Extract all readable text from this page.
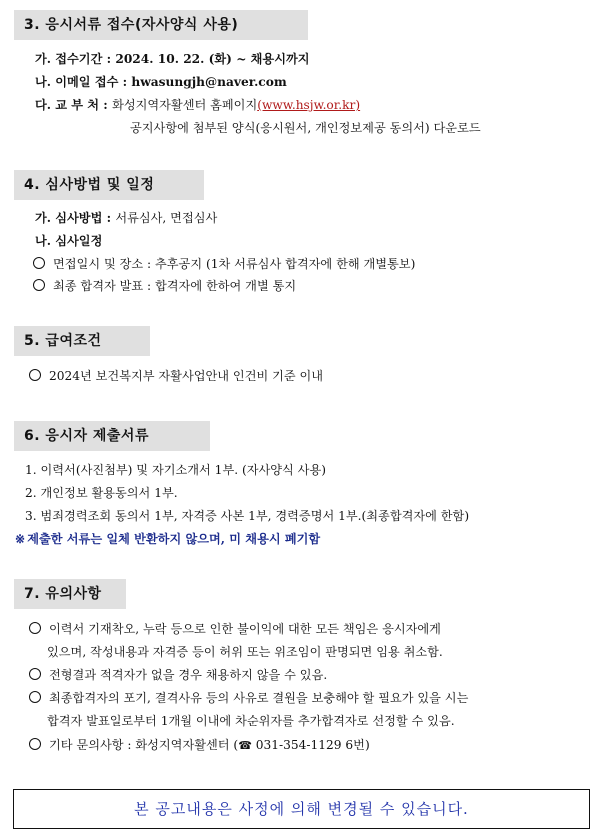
3. 응시서류 접수(자사양식 사용)
가. 접수기간 : 2024. 10. 22. (화) ~ 채용시까지
나. 이메일 접수 : hwasungjh@naver.com
다. 교 부 처 : 화성지역자활센터 홈페이지(www.hsjw.or.kr)
공지사항에 첨부된 양식(응시원서, 개인정보제공 동의서) 다운로드
4. 심사방법 및 일정
가. 심사방법 : 서류심사, 면접심사
나. 심사일정
면접일시 및 장소 : 추후공지 (1차 서류심사 합격자에 한해 개별통보)
최종 합격자 발표 : 합격자에 한하여 개별 통지
5. 급여조건
2024년 보건복지부 자활사업안내 인건비 기준 이내
6. 응시자 제출서류
1. 이력서(사진첨부) 및 자기소개서 1부. (자사양식 사용)
2. 개인정보 활용동의서 1부.
3. 범죄경력조회 동의서 1부, 자격증 사본 1부, 경력증명서 1부.(최종합격자에 한함)
※ 제출한 서류는 일체 반환하지 않으며, 미 채용시 폐기함
7. 유의사항
이력서 기재착오, 누락 등으로 인한 불이익에 대한 모든 책임은 응시자에게
있으며, 작성내용과 자격증 등이 허위 또는 위조임이 판명되면 임용 취소함.
전형결과 적격자가 없을 경우 채용하지 않을 수 있음.
최종합격자의 포기, 결격사유 등의 사유로 결원을 보충해야 할 필요가 있을 시는
합격자 발표일로부터 1개월 이내에 차순위자를 추가합격자로 선정할 수 있음.
기타 문의사항 : 화성지역자활센터 (☎ 031-354-1129 6번)
본 공고내용은 사정에 의해 변경될 수 있습니다.
